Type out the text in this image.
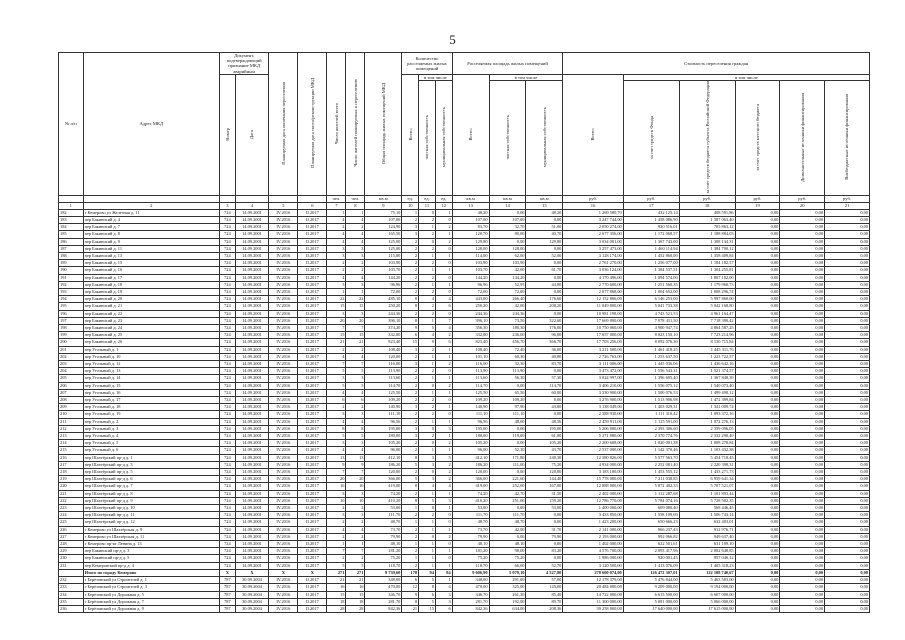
5
№ п/п	Адрес МКД	Документ, подтверждающий признание МКД аварийным		Планируемая дата окончания переселения	Планируемая дата сноса/реконструкции МКД	Число жителей всего	Число жителей планируемых к переселению	Общая площадь жилых помещений МКД	Количество расселяемых жилых помещений			Расселяемая площадь жилых помещений			Стоимость переселения граждан					
		Номер	Дата						Всего:	в том числе		Всего:	в том числе		Всего:	в том числе				
										частная собственность	муниципальная собственность		частная собственность	муниципальная собственность		за счет средств Фонда	за счет средств бюджета субъекта Российской Федерации	за счет средств местного бюджета	Дополнительные источники финансирования	Внебюджетные источники финансирования
						чел.	чел.	кв.м	ед.	ед.	ед.	кв.м	кв.м	кв.м	руб.	руб.	руб.	руб.	руб.	руб.
1	2	3	4	5	6	7	8	9	10	11	12	13	14	15	16	17	18	19	20	21
182	г Кемерово ул Железная д. 11	724	14.09.2001	IV.2016	II.2017	1	1	75,10	1	0	1	48,20	0,00	48,20	1 269 580,70	432 125,14	408 591,86	0,00	0,00	0,00
183	пер Бакинский д. 4	724	14.09.2001	IV.2016	II.2017	4	4	107,00	2	2	0	107,00	107,00	0,00	3 247 744,00	1 458 086,90	1 387 063,40	0,00	0,00	0,00
184	пер Бакинский д. 7	724	14.09.2001	IV.2016	II.2017	2	2	124,90	3	1	2	83,70	32,70	51,00	2 050 274,00	920 516,01	705 863,12	0,00	0,00	0,00
185	пер Бакинский д. 8	724	14.09.2001	IV.2016	II.2017	4	4	165,50	3	2	1	120,70	80,00	40,70	2 677 356,00	1 172 068,57	1 188 884,03	0,00	0,00	0,00
186	пер Бакинский д. 9	724	14.09.2001	IV.2016	II.2017	4	4	125,00	2	0	2	129,80	0,00	129,80	3 034 001,00	1 367 743,00	1 308 134,31	0,00	0,00	0,00
187	пер Бакинский д. 11	724	14.09.2001	IV.2016	II.2017	3	3	125,00	2	2	0	128,00	128,00	0,00	3 257 473,00	1 460 114,94	1 384 790,12	0,00	0,00	0,00
188	пер Бакинский д. 13	724	14.09.2001	IV.2016	II.2017	3	3	115,80	2	1	1	114,00	62,00	52,00	3 128 174,00	1 452 860,00	1 358 409,84	0,00	0,00	0,00
189	пер Бакинский д. 15	724	14.09.2001	IV.2016	II.2017	2	2	103,90	2	2	0	103,90	103,90	0,00	2 761 270,00	1 256 077,00	1 184 182,57	0,00	0,00	0,00
190	пер Бакинский д. 16	724	14.09.2001	IV.2016	II.2017	2	2	103,70	2	1	1	103,70	42,00	61,70	3 036 124,00	1 384 537,51	1 304 255,81	0,00	0,00	0,00
191	пер Бакинский д. 17	724	14.09.2001	IV.2016	II.2017	4	4	144,20	2	2	0	144,20	144,20	0,00	4 170 496,00	1 894 574,00	1 807 102,00	0,00	0,00	0,00
192	пер Бакинский д. 18	724	14.09.2001	IV.2016	II.2017	3	3	96,96	2	1	1	96,96	52,95	44,00	2 770 600,00	1 251 560,35	1 179 960,73	0,00	0,00	0,00
193	пер Бакинский д. 19	724	14.09.2001	IV.2016	II.2017	1	1	72,00	2	2	0	72,00	72,00	0,00	2 077 868,00	1 004 652,00	1 008 296,74	0,00	0,00	0,00
194	пер Бакинский д. 20	724	14.09.2001	IV.2016	II.2017	22	22	485,10	8	4	4	443,00	266,40	176,60	12 152 806,00	6 146 253,00	5 997 860,00	0,00	0,00	0,00
195	пер Бакинский д. 21	724	14.09.2001	IV.2016	II.2017	15	15	250,20	8	2	6	250,20	42,00	208,20	11 049 800,00	5 041 733,38	5 042 168,80	0,00	0,00	0,00
196	пер Бакинский д. 22	724	14.09.2001	IV.2016	II.2017	3	3	244,36	2	2	0	244,36	244,36	0,00	10 981 198,00	4 743 521,53	4 961 164,47	0,00	0,00	0,00
197	пер Бакинский д. 23	724	14.09.2001	IV.2016	II.2017	20	20	396,10	8	1	7	396,10	73,50	322,60	17 669 090,00	7 978 431,50	7 718 390,42	0,00	0,00	0,00
198	пер Бакинский д. 24	724	14.09.2001	IV.2016	II.2017	7	7	374,20	9	5	4	356,30	180,30	176,00	10 750 060,00	4 900 947,74	4 864 587,25	0,00	0,00	0,00
199	пер Бакинский д. 25	724	14.09.2001	IV.2016	II.2017	15	15	332,00	6	4	2	332,00	236,00	96,00	17 657 000,00	8 023 150,10	7 723 214,96	0,00	0,00	0,00
200	пер Бакинский д. 26	724	14.09.2001	IV.2016	II.2017	21	21	823,40	15	9	6	823,40	456,70	366,70	17 703 256,00	8 092 076,30	8 130 715,84	0,00	0,00	0,00
201	пер Угольный д. 1	724	14.09.2001	IV.2016	II.2017	2	2	108,40	3	2	1	108,40	72,40	36,00	3 211 500,00	1 461 418,25	1 445 311,76	0,00	0,00	0,00
202	пер Угольный д. 10	724	14.09.2001	IV.2016	II.2017	4	4	120,00	2	1	1	101,10	60,30	40,80	2 726 763,00	1 253 637,50	1 223 722,57	0,00	0,00	0,00
203	пер Угольный д. 12	724	14.09.2001	IV.2016	II.2017	7	7	116,00	3	1	2	116,00	32,30	83,70	3 111 006,00	1 445 036,06	1 436 642,16	0,00	0,00	0,00
204	пер Угольный д. 13	724	14.09.2001	IV.2016	II.2017	5	5	113,90	2	2	0	113,90	113,90	0,00	3 473 472,00	1 556 543,31	1 521 374,57	0,00	0,00	0,00
205	пер Угольный д. 14	724	14.09.2001	IV.2016	II.2017	3	3	113,60	2	1	1	113,60	56,30	57,30	3 024 997,00	1 396 695,40	1 367 840,39	0,00	0,00	0,00
206	пер Угольный д. 15	724	14.09.2001	IV.2016	II.2017	5	5	114,70	2	0	2	114,70	0,00	114,70	3 406 210,00	1 556 075,12	1 540 073,40	0,00	0,00	0,00
207	пер Угольный д. 16	724	14.09.2001	IV.2016	II.2017	4	4	125,50	2	1	1	125,50	65,50	60,00	3 330 900,00	1 500 076,53	1 499 490,12	0,00	0,00	0,00
208	пер Угольный д. 17	724	14.09.2001	IV.2016	II.2017	6	6	109,20	2	2	0	109,20	109,20	0,00	3 276 900,00	1 513 906,98	1 472 399,84	0,00	0,00	0,00
209	пер Угольный д. 18	724	14.09.2001	IV.2016	II.2017	2	2	140,90	3	2	1	140,90	97,90	43,00	3 138 049,00	1 403 029,31	1 341 009,74	0,00	0,00	0,00
210	пер Угольный д. 19	724	14.09.2001	IV.2016	II.2017	3	3	111,10	2	2	0	111,10	111,10	0,00	2 388 930,00	1 111 310,42	1 093 372,16	0,00	0,00	0,00
211	пер Угольный д. 2	724	14.09.2001	IV.2016	II.2017	4	4	96,56	2	1	1	96,56	48,00	48,56	2 459 911,00	1 115 591,00	1 072 276,13	0,00	0,00	0,00
212	пер Угольный д. 3	724	14.09.2001	IV.2016	II.2017	8	8	195,00	3	0	3	195,00	0,00	195,00	5 206 800,00	2 393 306,60	2 359 096,05	0,00	0,00	0,00
213	пер Угольный д. 4	724	14.09.2001	IV.2016	II.2017	5	5	180,00	3	2	1	180,00	119,00	61,00	5 271 880,00	2 370 774,76	2 332 290,49	0,00	0,00	0,00
214	пер Угольный д. 5	724	14.09.2001	IV.2016	II.2017	3	3	105,20	2	0	2	105,20	0,00	105,20	2 200 608,00	1 020 001,38	1 008 278,84	0,00	0,00	0,00
215	пер Угольный д. 6	724	14.09.2001	IV.2016	II.2017	4	4	96,00	2	1	1	96,00	52,30	43,70	2 537 000,00	1 142 370,46	1 103 432,38	0,00	0,00	0,00
216	пер Шахтёрский пр-д д. 1	724	14.09.2001	IV.2016	II.2017	13	13	412,10	8	3	5	412,10	171,80	240,30	12 580 826,00	5 577 563,70	5 454 718,45	0,00	0,00	0,00
217	пер Шахтёрский пр-д д. 3	724	14.09.2001	IV.2016	II.2017	9	9	186,20	5	3	2	186,20	111,00	75,20	4 934 000,00	2 252 081,40	2 220 398,31	0,00	0,00	0,00
218	пер Шахтёрский пр-д д. 5	724	14.09.2001	IV.2016	II.2017	7	7	120,00	2	0	2	120,00	0,00	120,00	3 183 100,00	1 453 555,12	1 433 271,73	0,00	0,00	0,00
219	пер Шахтёрский пр-д д. 6	724	14.09.2001	IV.2016	II.2017	20	20	366,00	5	3	2	366,00	221,60	144,40	15 778 000,00	7 211 038,85	6 959 641,34	0,00	0,00	0,00
220	пер Шахтёрский пр-д д. 7	724	14.09.2001	IV.2016	II.2017	16	16	419,00	8	4	4	419,00	252,00	167,00	12 888 000,00	5 872 402,33	5 707 521,07	0,00	0,00	0,00
221	пер Шахтёрский пр-д д. 8	724	14.09.2001	IV.2016	II.2017	3	3	74,20	2	1	1	74,20	42,70	31,50	2 402 000,00	1 112 287,68	1 101 893,44	0,00	0,00	0,00
222	пер Шахтёрский пр-д д. 9	724	14.09.2001	IV.2016	II.2017	10	10	410,20	8	5	3	410,20	251,00	159,20	12 786 770,00	5 784 074,16	5 728 502,35	0,00	0,00	0,00
223	пер Шахтёрский пр-д д. 10	724	14.09.2001	IV.2016	II.2017	2	2	53,00	1	0	1	53,00	0,00	53,00	1 400 000,00	609 080,40	568 446,45	0,00	0,00	0,00
224	пер Шахтёрский пр-д д. 11	724	14.09.2001	IV.2016	II.2017	3	3	111,70	2	2	0	111,70	111,70	0,00	3 433 850,00	1 558 109,69	1 506 743,14	0,00	0,00	0,00
225	пер Шахтёрский пр-д д. 12	724	14.09.2001	IV.2016	II.2017	2	2	48,70	1	1	0	48,70	48,70	0,00	1 423 200,00	650 666,23	632 403,01	0,00	0,00	0,00
226	г Кемерово ул Шахтёрская д. 9	724	14.09.2001	IV.2016	II.2017	4	4	73,70	2	1	1	73,70	42,00	31,70	2 141 000,00	966 237,43	912 976,71	0,00	0,00	0,00
227	г Кемерово ул Шахтёрская д. 11	724	14.09.2001	IV.2016	II.2017	2	2	79,90	2	0	2	79,90	0,00	79,90	2 193 000,00	992 066,82	949 637,40	0,00	0,00	0,00
228	г Кемерово пр-кт Ленина д. 13	724	14.09.2001	IV.2016	II.2017	1	1	48,10	1	1	0	48,10	48,10	0,00	1 402 000,00	622 501,61	631 109,10	0,00	0,00	0,00
229	пер Бакинский пр-д д. 3	724	14.09.2001	IV.2016	II.2017	7	7	181,20	2	1	1	181,20	98,00	83,20	4 576 700,00	2 093 417,96	2 002 648,85	0,00	0,00	0,00
230	пер Бакинский пр-д д. 5	724	14.09.2001	IV.2016	II.2017	2	2	75,20	1	1	0	75,20	75,20	0,00	1 986 000,00	920 001,45	857 046,12	0,00	0,00	0,00
231	пер Кемеровский пр-д д. 4	724	14.09.2001	IV.2016	II.2017	5	5	118,70	2	1	1	118,70	66,00	52,70	3 120 500,00	1 413 076,09	1 405 318,23	0,00	0,00	0,00
	Итого по городу Кемерово	X	X	X	X	271	271	9 739,60	178	94	84	9 606,90	5 079,10	4 527,80	278 600 074,00	126 472 307,01	122 108 740,67	0,00	0,00	0,00
232	г Берёзовский ул Строителей д. 1	787	30.09.2004	IV.2016	II.2017	21	21	348,00	6	5	1	348,00	291,00	57,00	12 178 379,00	5 476 844,00	5 463 583,00	0,00	0,00	0,00
233	г Берёзовский ул Строителей д. 3	787	30.09.2004	IV.2016	II.2017	16	16	470,00	12	8	4	470,00	325,00	145,00	20 484 000,00	9 209 000,00	9 194 000,00	0,00	0,00	0,00
234	г Берёзовский ул Дорожная д. 5	787	30.09.2004	IV.2016	II.2017	15	15	346,70	9	6	3	346,70	261,30	85,40	14 722 000,00	6 615 500,00	6 607 000,00	0,00	0,00	0,00
235	г Берёзовский ул Дорожная д. 7	787	30.09.2004	IV.2016	II.2017	18	18	281,70	8	5	3	281,70	192,00	89,70	11 300 000,00	5 081 000,00	5 066 000,00	0,00	0,00	0,00
236	г Берёзовский ул Дорожная д. 9	787	30.09.2004	IV.2016	II.2017	28	28	842,36	21	15	6	842,36	634,00	208,36	39 258 000,00	17 640 000,00	17 615 000,00	0,00	0,00	0,00
